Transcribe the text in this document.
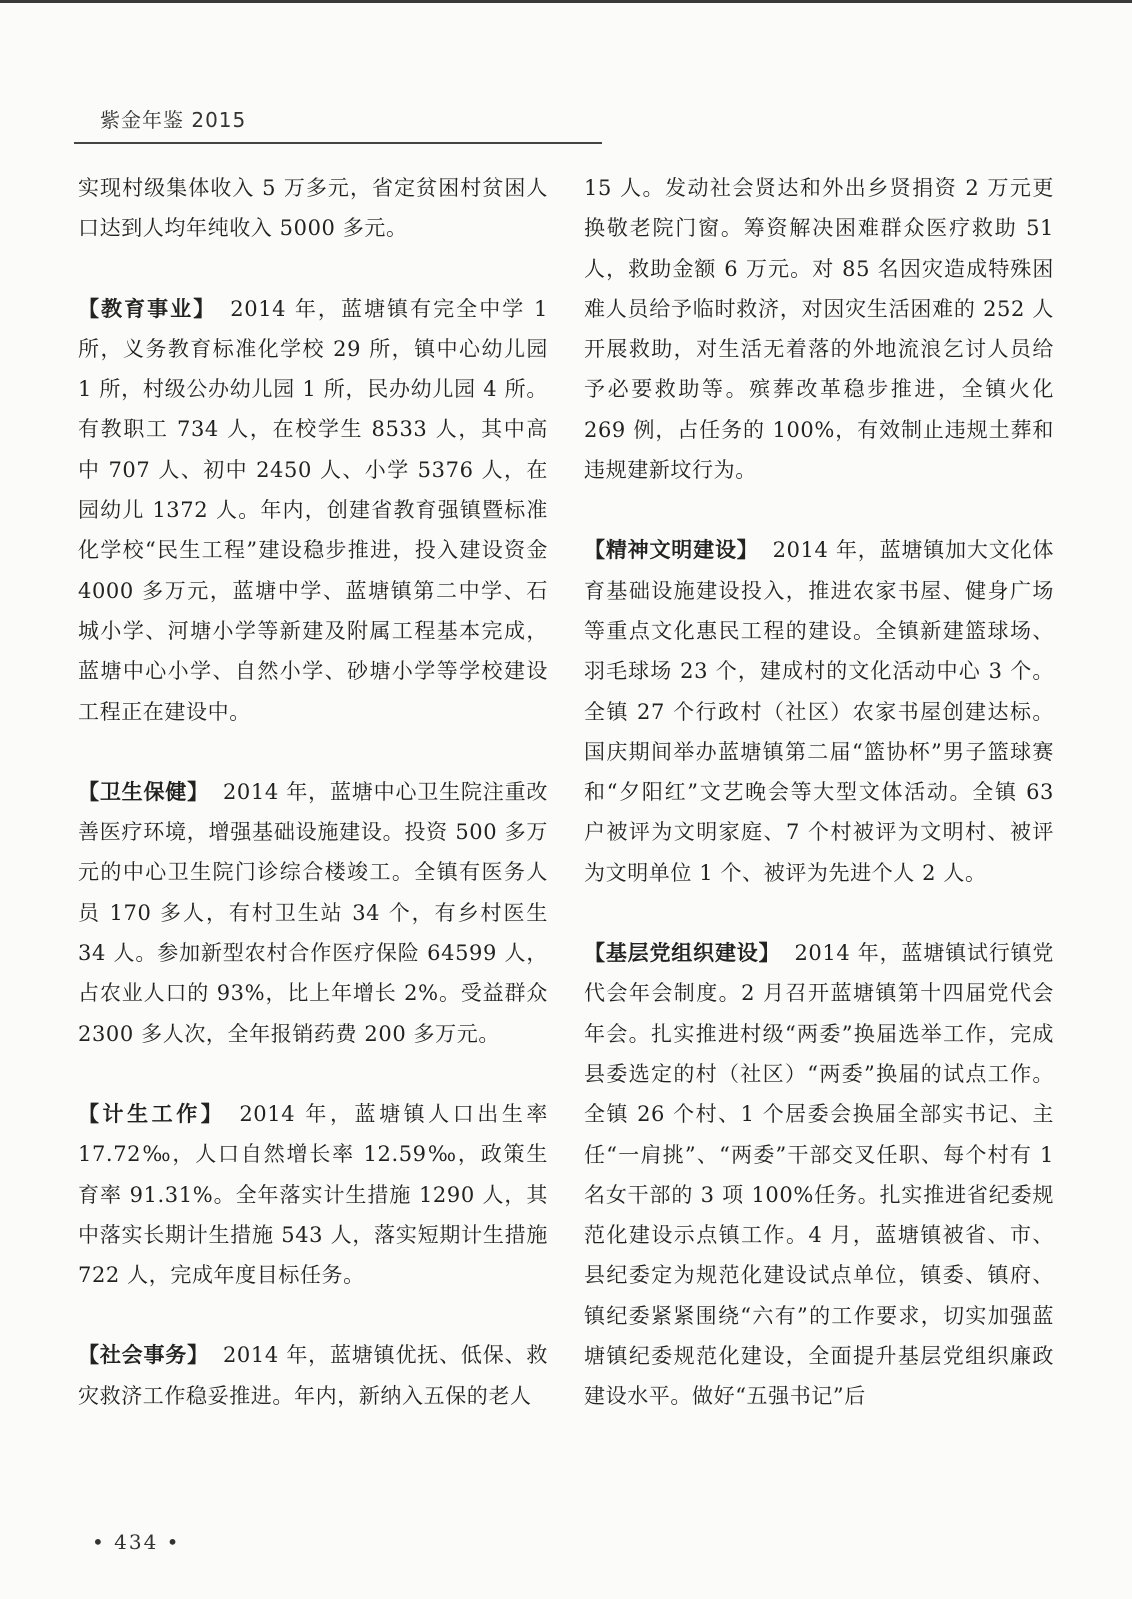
紫金年鉴 2015

实现村级集体收入 5 万多元，省定贫困村贫困人口达到人均年纯收入 5000 多元。

【教育事业】 2014 年，蓝塘镇有完全中学 1 所，义务教育标准化学校 29 所，镇中心幼儿园 1 所，村级公办幼儿园 1 所，民办幼儿园 4 所。有教职工 734 人，在校学生 8533 人，其中高中 707 人、初中 2450 人、小学 5376 人，在园幼儿 1372 人。年内，创建省教育强镇暨标准化学校“民生工程”建设稳步推进，投入建设资金 4000 多万元，蓝塘中学、蓝塘镇第二中学、石城小学、河塘小学等新建及附属工程基本完成，蓝塘中心小学、自然小学、砂塘小学等学校建设工程正在建设中。

【卫生保健】 2014 年，蓝塘中心卫生院注重改善医疗环境，增强基础设施建设。投资 500 多万元的中心卫生院门诊综合楼竣工。全镇有医务人员 170 多人，有村卫生站 34 个，有乡村医生 34 人。参加新型农村合作医疗保险 64599 人，占农业人口的 93%，比上年增长 2%。受益群众 2300 多人次，全年报销药费 200 多万元。

【计生工作】 2014 年，蓝塘镇人口出生率 17.72‰，人口自然增长率 12.59‰，政策生育率 91.31%。全年落实计生措施 1290 人，其中落实长期计生措施 543 人，落实短期计生措施 722 人，完成年度目标任务。

【社会事务】 2014 年，蓝塘镇优抚、低保、救灾救济工作稳妥推进。年内，新纳入五保的老人

15 人。发动社会贤达和外出乡贤捐资 2 万元更换敬老院门窗。筹资解决困难群众医疗救助 51 人，救助金额 6 万元。对 85 名因灾造成特殊困难人员给予临时救济，对因灾生活困难的 252 人开展救助，对生活无着落的外地流浪乞讨人员给予必要救助等。殡葬改革稳步推进，全镇火化 269 例，占任务的 100%，有效制止违规土葬和违规建新坟行为。

【精神文明建设】 2014 年，蓝塘镇加大文化体育基础设施建设投入，推进农家书屋、健身广场等重点文化惠民工程的建设。全镇新建篮球场、羽毛球场 23 个，建成村的文化活动中心 3 个。全镇 27 个行政村（社区）农家书屋创建达标。国庆期间举办蓝塘镇第二届“篮协杯”男子篮球赛和“夕阳红”文艺晚会等大型文体活动。全镇 63 户被评为文明家庭、7 个村被评为文明村、被评为文明单位 1 个、被评为先进个人 2 人。

【基层党组织建设】 2014 年，蓝塘镇试行镇党代会年会制度。2 月召开蓝塘镇第十四届党代会年会。扎实推进村级“两委”换届选举工作，完成县委选定的村（社区）“两委”换届的试点工作。全镇 26 个村、1 个居委会换届全部实书记、主任“一肩挑”、“两委”干部交叉任职、每个村有 1 名女干部的 3 项 100%任务。扎实推进省纪委规范化建设示点镇工作。4 月，蓝塘镇被省、市、县纪委定为规范化建设试点单位，镇委、镇府、镇纪委紧紧围绕“六有”的工作要求，切实加强蓝塘镇纪委规范化建设，全面提升基层党组织廉政建设水平。做好“五强书记”后

• 434 •
